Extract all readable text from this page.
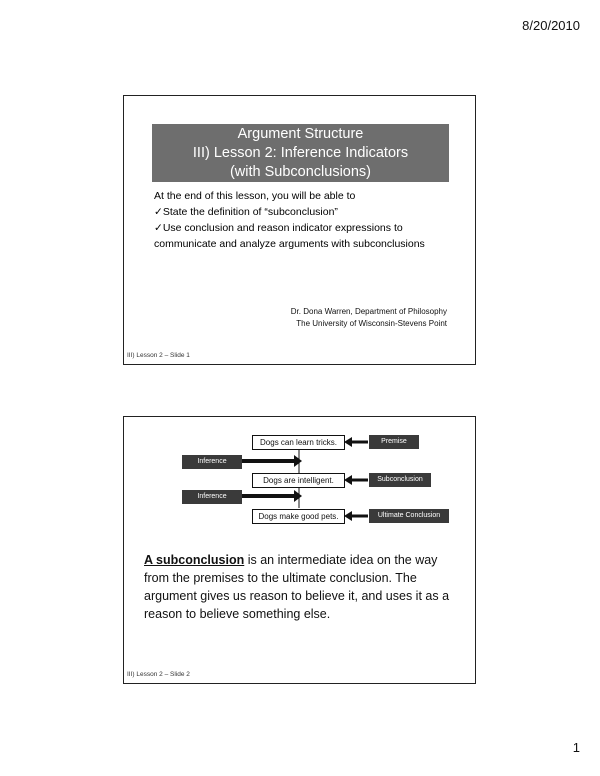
8/20/2010
Argument Structure
III) Lesson 2: Inference Indicators
(with Subconclusions)
At the end of this lesson, you will be able to
✓State the definition of “subconclusion”
✓Use conclusion and reason indicator expressions to
communicate and analyze arguments with subconclusions
Dr. Dona Warren, Department of Philosophy
The University of Wisconsin-Stevens Point
III) Lesson 2 – Slide 1
Dogs can learn tricks.
Dogs are intelligent.
Dogs make good pets.
Premise
Subconclusion
Ultimate Conclusion
Inference
Inference
A subconclusion is an intermediate idea on the way
from the premises to the ultimate conclusion. The
argument gives us reason to believe it, and uses it as a
reason to believe something else.
III) Lesson 2 – Slide 2
1
